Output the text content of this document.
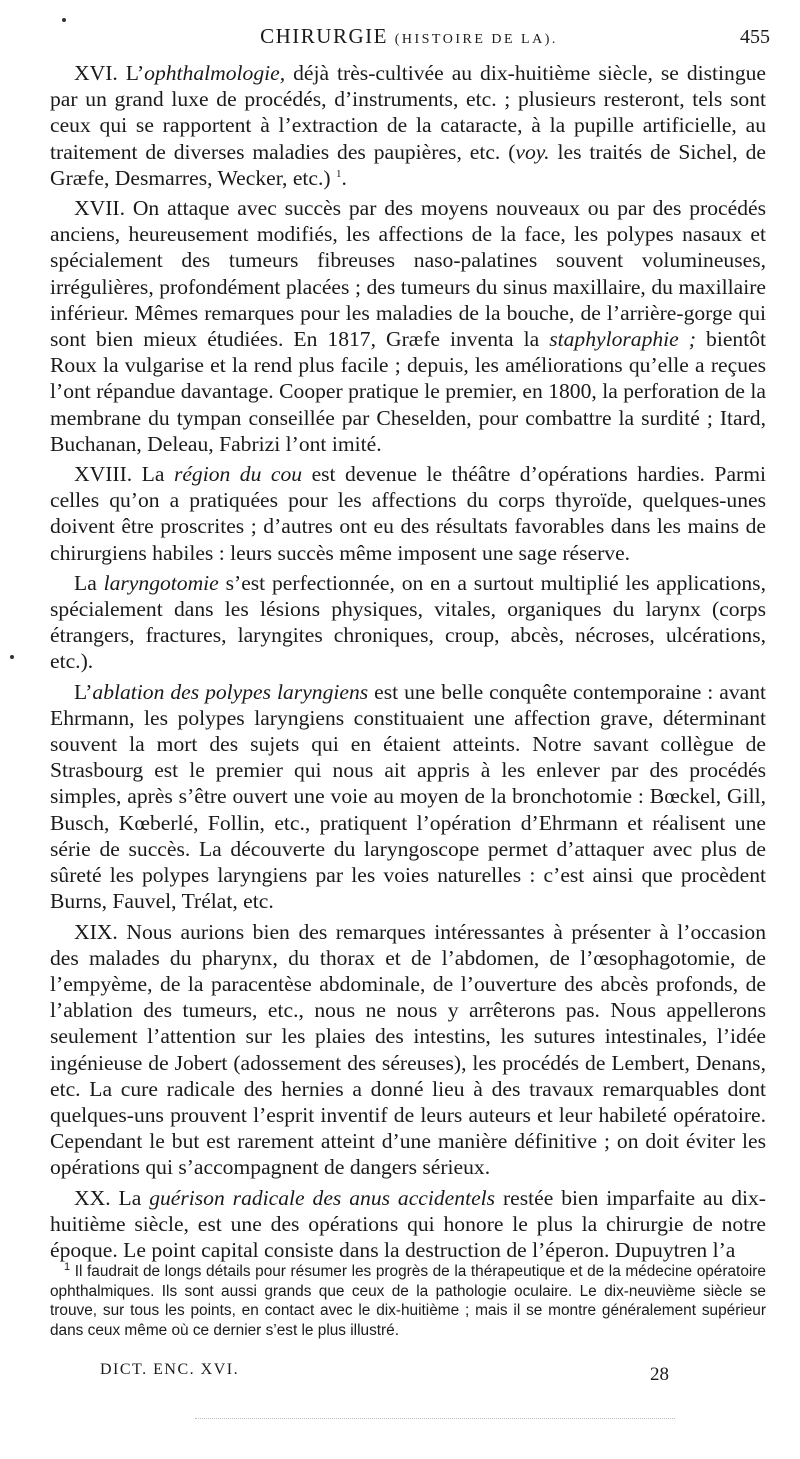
CHIRURGIE (HISTOIRE DE LA).	455

XVI. L’ophthalmologie, déjà très-cultivée au dix-huitième siècle, se distingue par un grand luxe de procédés, d’instruments, etc. ; plusieurs resteront, tels sont ceux qui se rapportent à l’extraction de la cataracte, à la pupille artificielle, au traitement de diverses maladies des paupières, etc. (voy. les traités de Sichel, de Græfe, Desmarres, Wecker, etc.) $^1$.

XVII. On attaque avec succès par des moyens nouveaux ou par des procédés anciens, heureusement modifiés, les affections de la face, les polypes nasaux et spécialement des tumeurs fibreuses naso-palatines souvent volumineuses, irrégulières, profondément placées ; des tumeurs du sinus maxillaire, du maxillaire inférieur. Mêmes remarques pour les maladies de la bouche, de l’arrière-gorge qui sont bien mieux étudiées. En 1817, Græfe inventa la staphyloraphie ; bientôt Roux la vulgarise et la rend plus facile ; depuis, les améliorations qu’elle a reçues l’ont répandue davantage. Cooper pratique le premier, en 1800, la perforation de la membrane du tympan conseillée par Cheselden, pour combattre la surdité ; Itard, Buchanan, Deleau, Fabrizi l’ont imité.

XVIII. La région du cou est devenue le théâtre d’opérations hardies. Parmi celles qu’on a pratiquées pour les affections du corps thyroïde, quelques-unes doivent être proscrites ; d’autres ont eu des résultats favorables dans les mains de chirurgiens habiles : leurs succès même imposent une sage réserve.

La laryngotomie s’est perfectionnée, on en a surtout multiplié les applications, spécialement dans les lésions physiques, vitales, organiques du larynx (corps étrangers, fractures, laryngites chroniques, croup, abcès, nécroses, ulcérations, etc.).

L’ablation des polypes laryngiens est une belle conquête contemporaine : avant Ehrmann, les polypes laryngiens constituaient une affection grave, déterminant souvent la mort des sujets qui en étaient atteints. Notre savant collègue de Strasbourg est le premier qui nous ait appris à les enlever par des procédés simples, après s’être ouvert une voie au moyen de la bronchotomie : Bœckel, Gill, Busch, Kœberlé, Follin, etc., pratiquent l’opération d’Ehrmann et réalisent une série de succès. La découverte du laryngoscope permet d’attaquer avec plus de sûreté les polypes laryngiens par les voies naturelles : c’est ainsi que procèdent Burns, Fauvel, Trélat, etc.

XIX. Nous aurions bien des remarques intéressantes à présenter à l’occasion des malades du pharynx, du thorax et de l’abdomen, de l’œsophagotomie, de l’empyème, de la paracentèse abdominale, de l’ouverture des abcès profonds, de l’ablation des tumeurs, etc., nous ne nous y arrêterons pas. Nous appellerons seulement l’attention sur les plaies des intestins, les sutures intestinales, l’idée ingénieuse de Jobert (adossement des séreuses), les procédés de Lembert, Denans, etc. La cure radicale des hernies a donné lieu à des travaux remarquables dont quelques-uns prouvent l’esprit inventif de leurs auteurs et leur habileté opératoire. Cependant le but est rarement atteint d’une manière définitive ; on doit éviter les opérations qui s’accompagnent de dangers sérieux.

XX. La guérison radicale des anus accidentels restée bien imparfaite au dix-huitième siècle, est une des opérations qui honore le plus la chirurgie de notre époque. Le point capital consiste dans la destruction de l’éperon. Dupuytren l’a

$^1$ Il faudrait de longs détails pour résumer les progrès de la thérapeutique et de la médecine opératoire ophthalmiques. Ils sont aussi grands que ceux de la pathologie oculaire. Le dix-neuvième siècle se trouve, sur tous les points, en contact avec le dix-huitième ; mais il se montre généralement supérieur dans ceux même où ce dernier s’est le plus illustré.

DICT. ENC. XVI.	28
